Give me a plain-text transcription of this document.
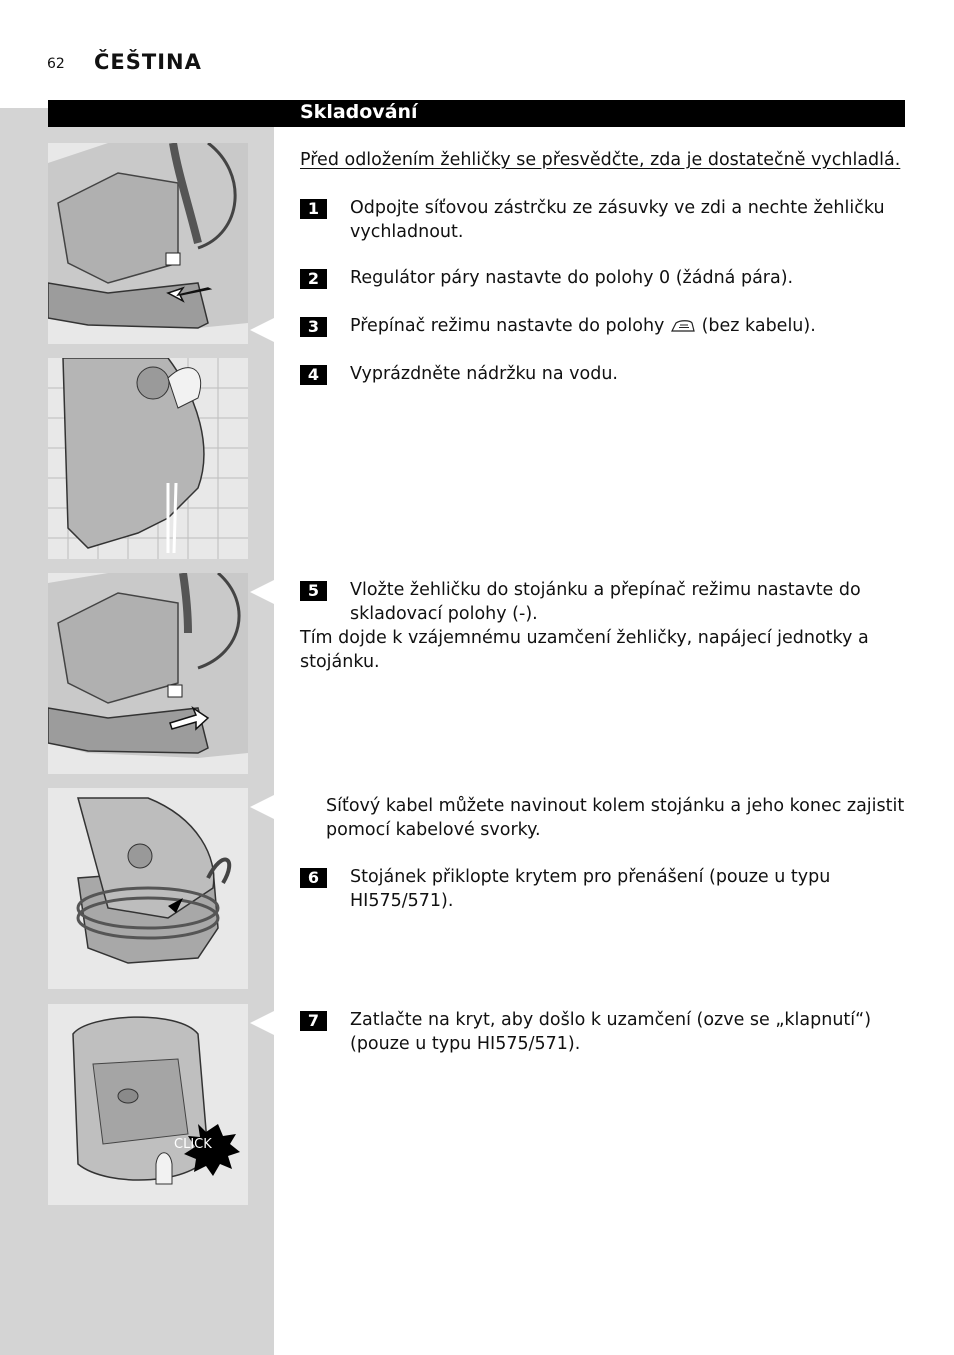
62 ČEŠTINA
Skladování
CLICK
Před odložením žehličky se přesvědčte, zda je dostatečně vychladlá.
1	Odpojte síťovou zástrčku ze zásuvky ve zdi a nechte žehličku vychladnout.
2	Regulátor páry nastavte do polohy 0 (žádná pára).
3	Přepínač režimu nastavte do polohy (bez kabelu).
4	Vyprázdněte nádržku na vodu.
5	Vložte žehličku do stojánku a přepínač režimu nastavte do skladovací polohy (-).
Tím dojde k vzájemnému uzamčení žehličky, napájecí jednotky a stojánku.
Síťový kabel můžete navinout kolem stojánku a jeho konec zajistit pomocí kabelové svorky.
6	Stojánek přiklopte krytem pro přenášení (pouze u typu HI575/571).
7	Zatlačte na kryt, aby došlo k uzamčení (ozve se „klapnutí“) (pouze u typu HI575/571).
